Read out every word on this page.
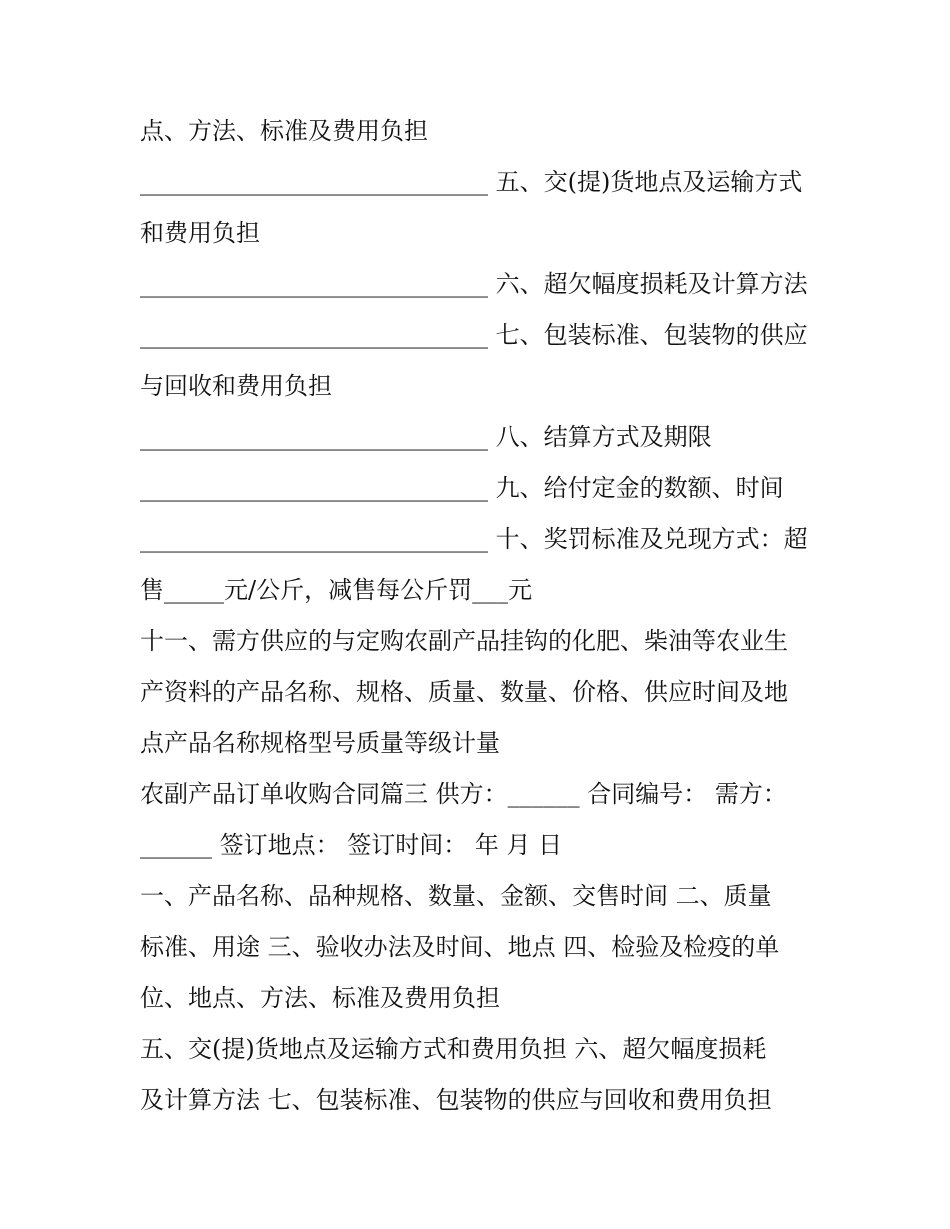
点、方法、标准及费用负担
_____________________________ 五、交(提)货地点及运输方式
和费用负担
_____________________________ 六、超欠幅度损耗及计算方法
_____________________________ 七、包装标准、包装物的供应
与回收和费用负担
_____________________________ 八、结算方式及期限
_____________________________ 九、给付定金的数额、时间
_____________________________ 十、奖罚标准及兑现方式：超
售_____元/公斤，减售每公斤罚___元
十一、需方供应的与定购农副产品挂钩的化肥、柴油等农业生
产资料的产品名称、规格、质量、数量、价格、供应时间及地
点产品名称规格型号质量等级计量
农副产品订单收购合同篇三 供方：______ 合同编号： 需方：
______ 签订地点： 签订时间： 年 月 日
一、产品名称、品种规格、数量、金额、交售时间 二、质量
标准、用途 三、验收办法及时间、地点 四、检验及检疫的单
位、地点、方法、标准及费用负担
五、交(提)货地点及运输方式和费用负担 六、超欠幅度损耗
及计算方法 七、包装标准、包装物的供应与回收和费用负担
